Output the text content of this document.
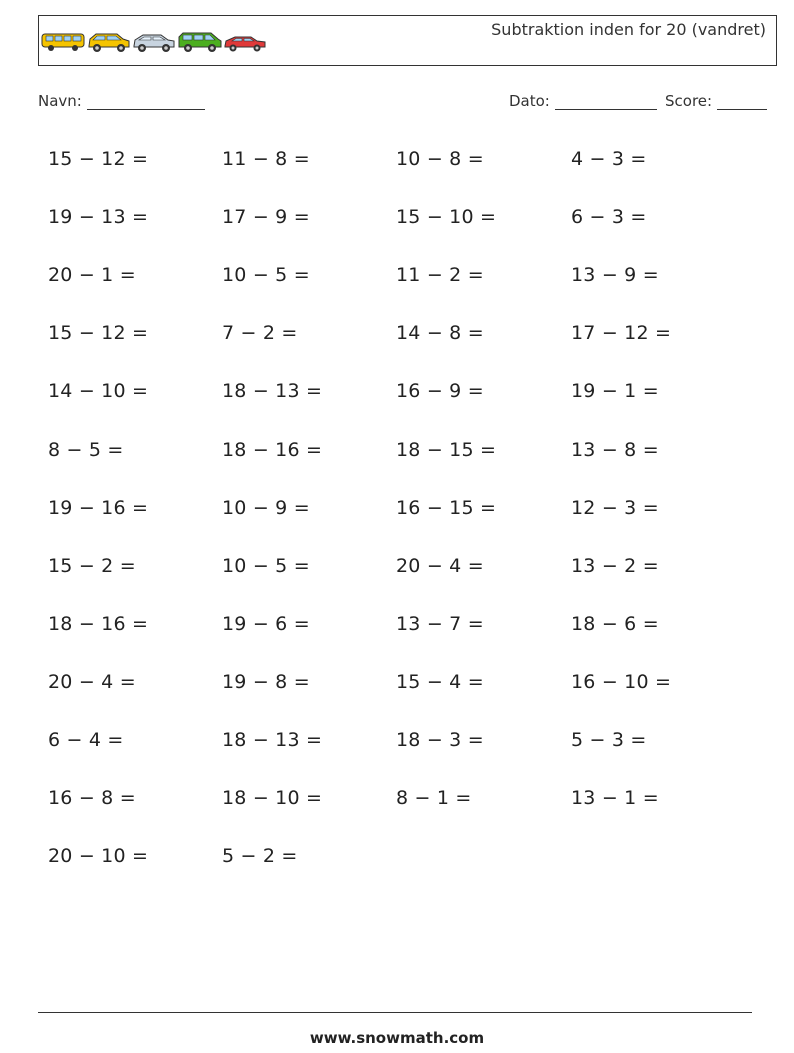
Subtraktion inden for 20 (vandret)
Navn:	Dato:	Score:
15 − 12 =	11 − 8 =	10 − 8 =	4 − 3 =
19 − 13 =	17 − 9 =	15 − 10 =	6 − 3 =
20 − 1 =	10 − 5 =	11 − 2 =	13 − 9 =
15 − 12 =	7 − 2 =	14 − 8 =	17 − 12 =
14 − 10 =	18 − 13 =	16 − 9 =	19 − 1 =
8 − 5 =	18 − 16 =	18 − 15 =	13 − 8 =
19 − 16 =	10 − 9 =	16 − 15 =	12 − 3 =
15 − 2 =	10 − 5 =	20 − 4 =	13 − 2 =
18 − 16 =	19 − 6 =	13 − 7 =	18 − 6 =
20 − 4 =	19 − 8 =	15 − 4 =	16 − 10 =
6 − 4 =	18 − 13 =	18 − 3 =	5 − 3 =
16 − 8 =	18 − 10 =	8 − 1 =	13 − 1 =
20 − 10 =	5 − 2 =
www.snowmath.com
